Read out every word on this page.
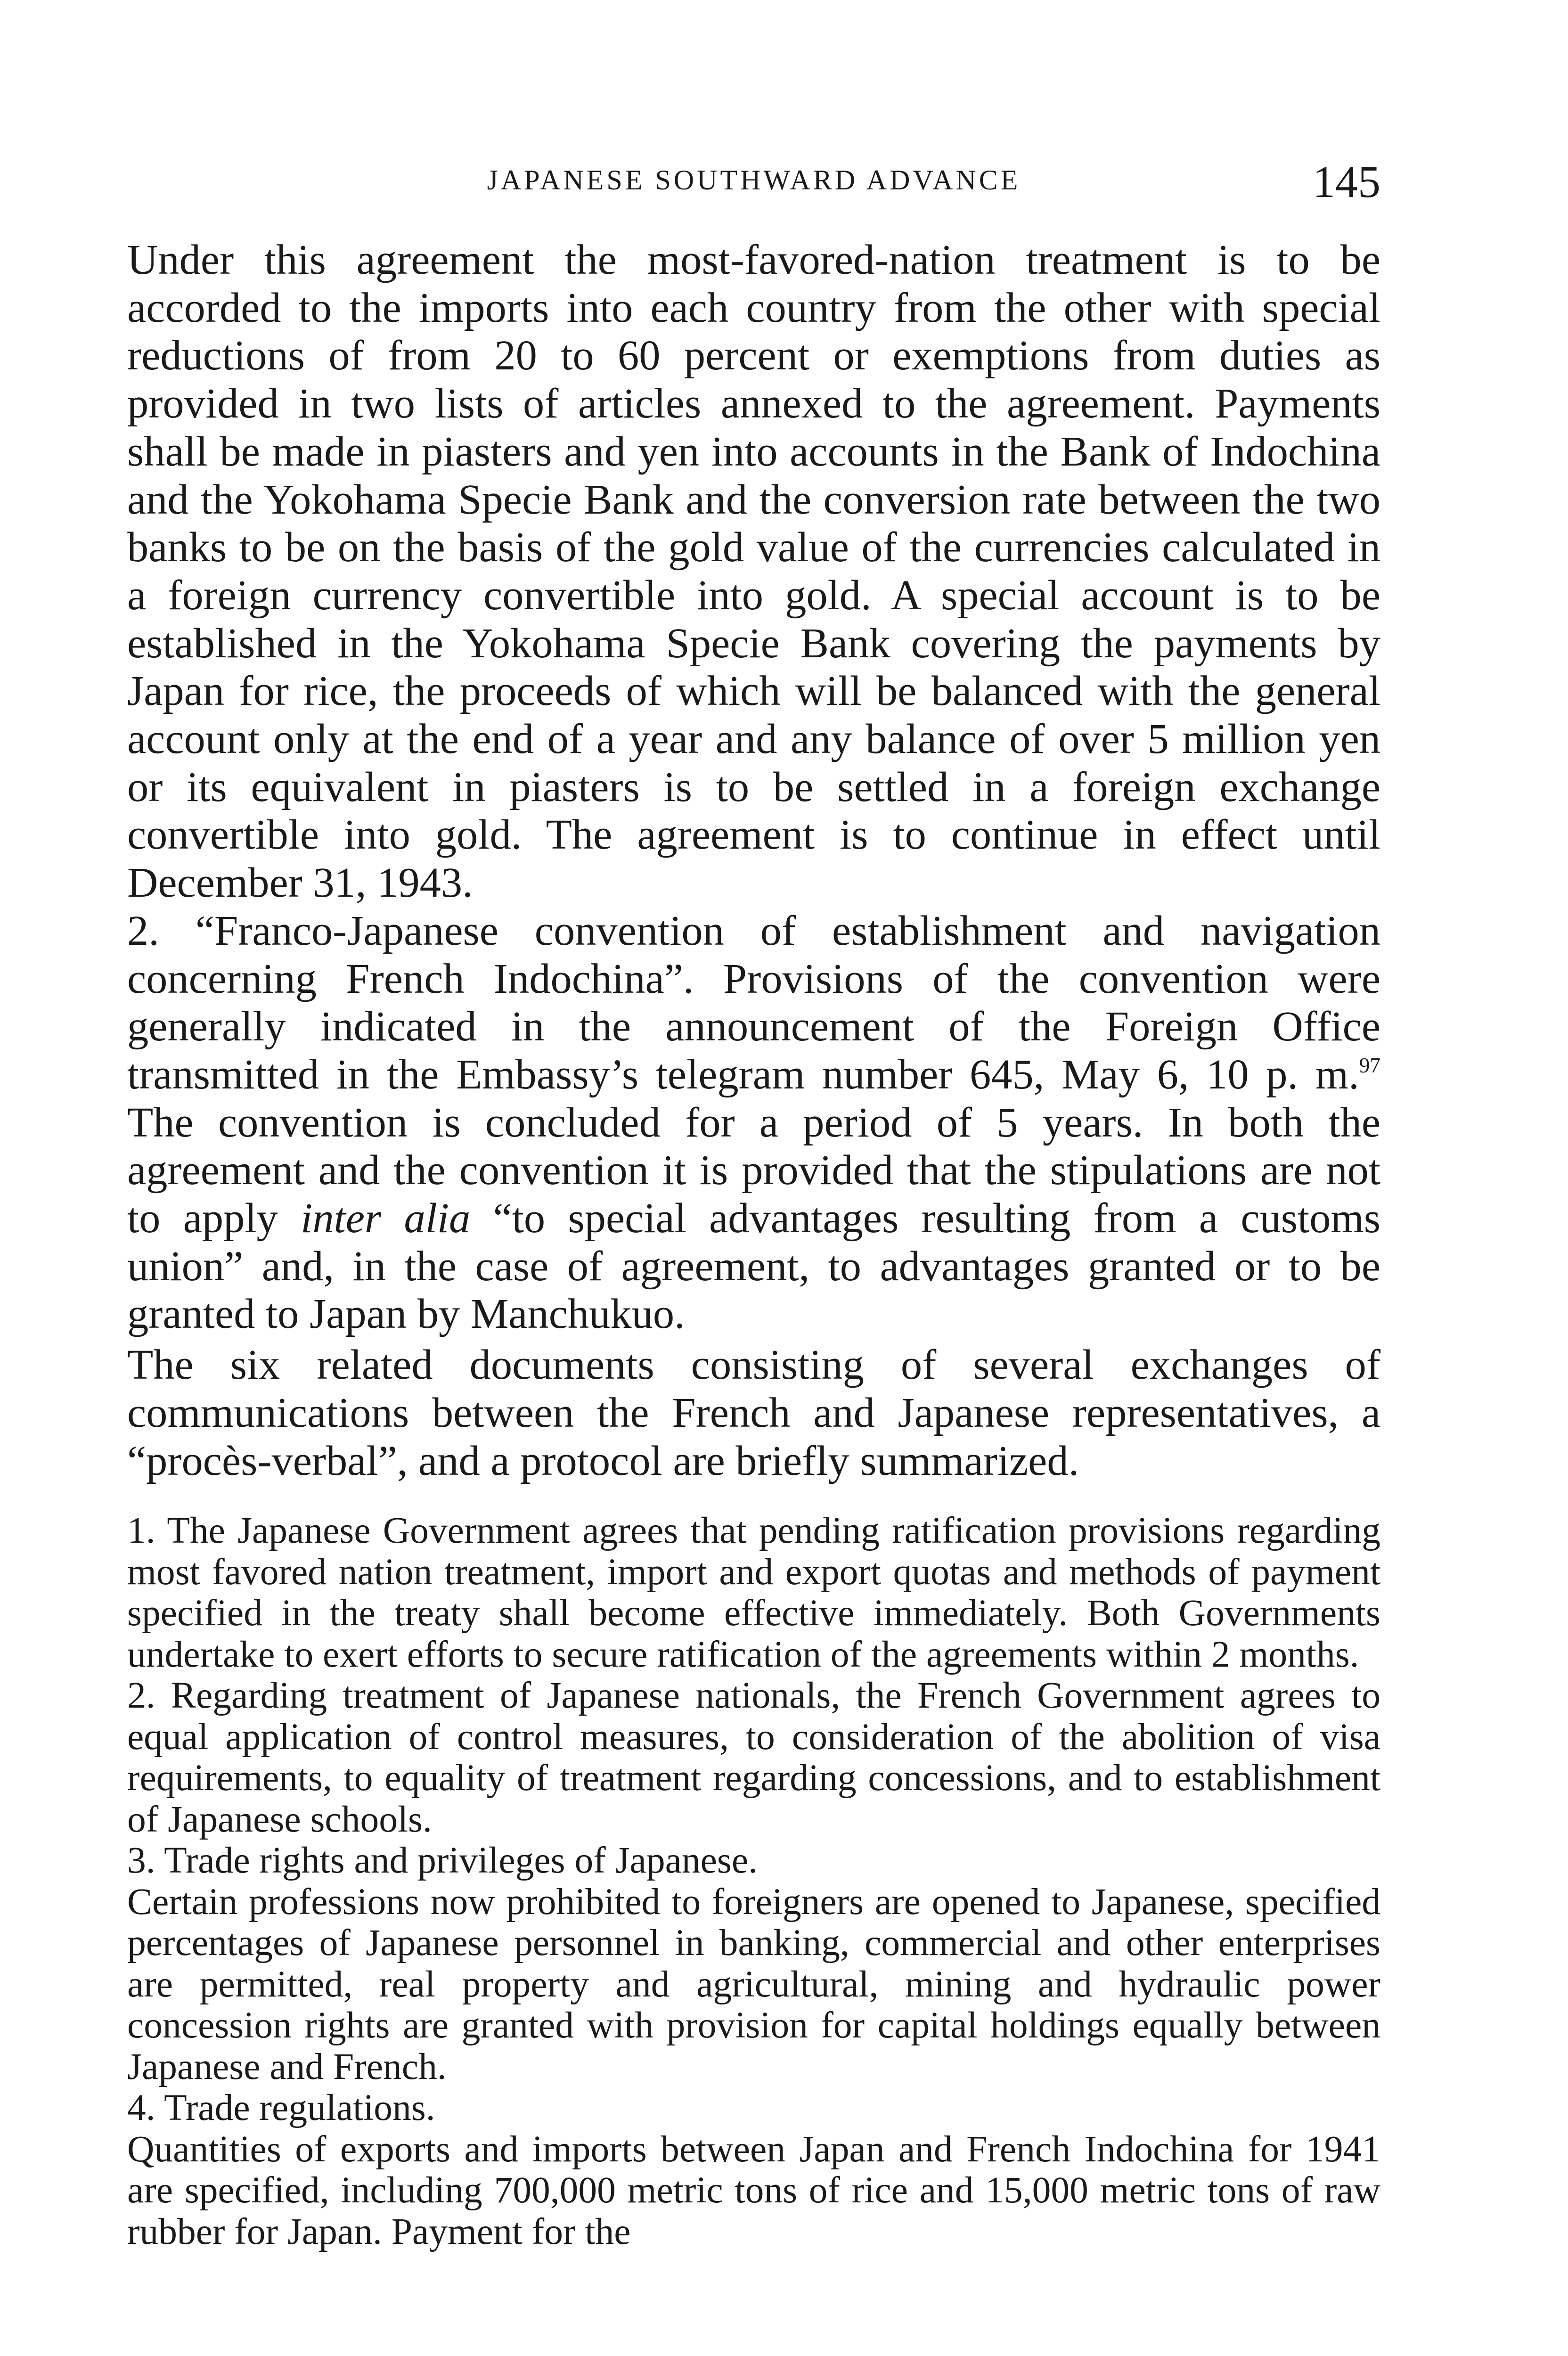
JAPANESE SOUTHWARD ADVANCE	145

Under this agreement the most-favored-nation treatment is to be accorded to the imports into each country from the other with special reductions of from 20 to 60 percent or exemptions from duties as provided in two lists of articles annexed to the agreement. Payments shall be made in piasters and yen into accounts in the Bank of Indochina and the Yokohama Specie Bank and the conversion rate between the two banks to be on the basis of the gold value of the currencies calculated in a foreign currency convertible into gold. A special account is to be established in the Yokohama Specie Bank covering the payments by Japan for rice, the proceeds of which will be balanced with the general account only at the end of a year and any balance of over 5 million yen or its equivalent in piasters is to be settled in a foreign exchange convertible into gold. The agreement is to continue in effect until December 31, 1943.

2. “Franco-Japanese convention of establishment and navigation concerning French Indochina”. Provisions of the convention were generally indicated in the announcement of the Foreign Office transmitted in the Embassy’s telegram number 645, May 6, 10 p. m.$^{97}$ The convention is concluded for a period of 5 years. In both the agreement and the convention it is provided that the stipulations are not to apply inter alia “to special advantages resulting from a customs union” and, in the case of agreement, to advantages granted or to be granted to Japan by Manchukuo.

The six related documents consisting of several exchanges of communications between the French and Japanese representatives, a “procès-verbal”, and a protocol are briefly summarized.

1. The Japanese Government agrees that pending ratification provisions regarding most favored nation treatment, import and export quotas and methods of payment specified in the treaty shall become effective immediately. Both Governments undertake to exert efforts to secure ratification of the agreements within 2 months.

2. Regarding treatment of Japanese nationals, the French Government agrees to equal application of control measures, to consideration of the abolition of visa requirements, to equality of treatment regarding concessions, and to establishment of Japanese schools.

3. Trade rights and privileges of Japanese.

Certain professions now prohibited to foreigners are opened to Japanese, specified percentages of Japanese personnel in banking, commercial and other enterprises are permitted, real property and agricultural, mining and hydraulic power concession rights are granted with provision for capital holdings equally between Japanese and French.

4. Trade regulations.

Quantities of exports and imports between Japan and French Indochina for 1941 are specified, including 700,000 metric tons of rice and 15,000 metric tons of raw rubber for Japan. Payment for the
